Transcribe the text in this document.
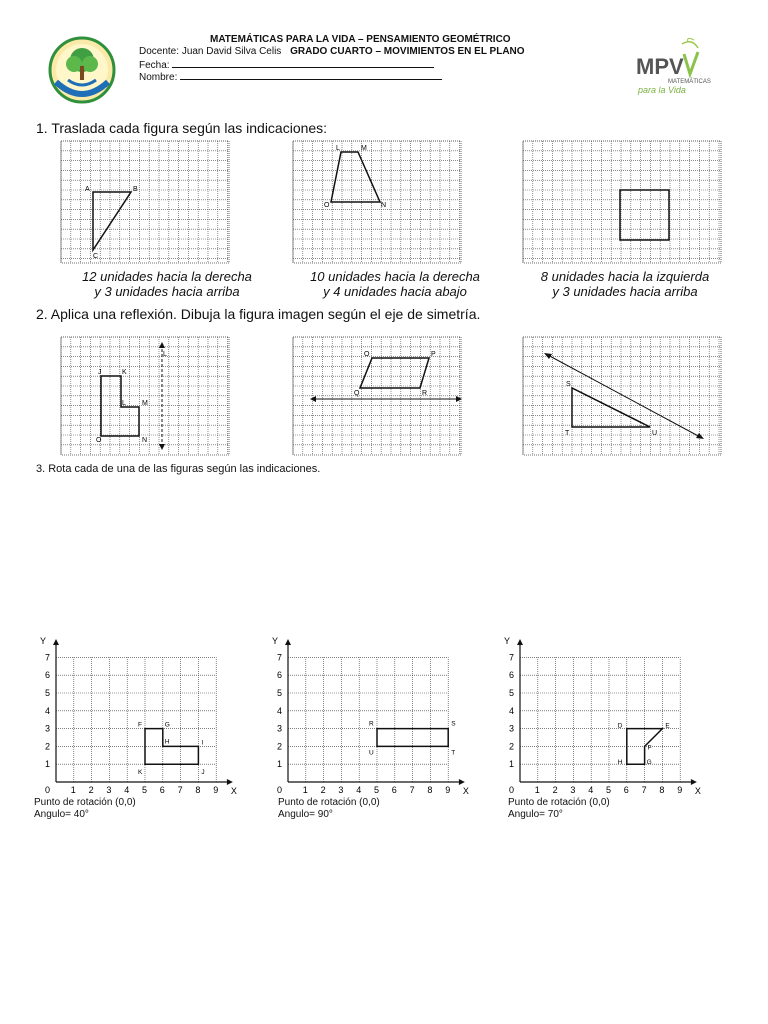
MATEMÁTICAS PARA LA VIDA – PENSAMIENTO GEOMÉTRICO
Docente: Juan David Silva Celis GRADO CUARTO – MOVIMIENTOS EN EL PLANO
Fecha:
Nombre:	MPV
MATEMÁTICAS
para la Vida
1. Traslada cada figura según las indicaciones:
A	B
C
L	M
O	N
12 unidades hacia la derecha
y 3 unidades hacia arriba
10 unidades hacia la derecha
y 4 unidades hacia abajo
8 unidades hacia la izquierda
y 3 unidades hacia arriba
2. Aplica una reflexión. Dibuja la figura imagen según el eje de simetría.
J	K
L M
O	N
L	O	P
Q	R
S
T	U
3. Rota cada de una de las figuras según las indicaciones.
0 1 2 3 4 5 6 7 8 9
1
2
3
4
5
6
7
X
Y
K
F	G
H	I
J
0 1 2 3 4 5 6 7 8 9
1
2
3
4
5
6
7
X
Y
R	S
U	T
0 1 2 3 4 5 6 7 8 9
1
2
3
4
5
6
7
X
Y
D	E
F
H	G
Punto de rotación (0,0)
Angulo= 40°
Punto de rotación (0,0)
Angulo= 90°
Punto de rotación (0,0)
Angulo= 70°
